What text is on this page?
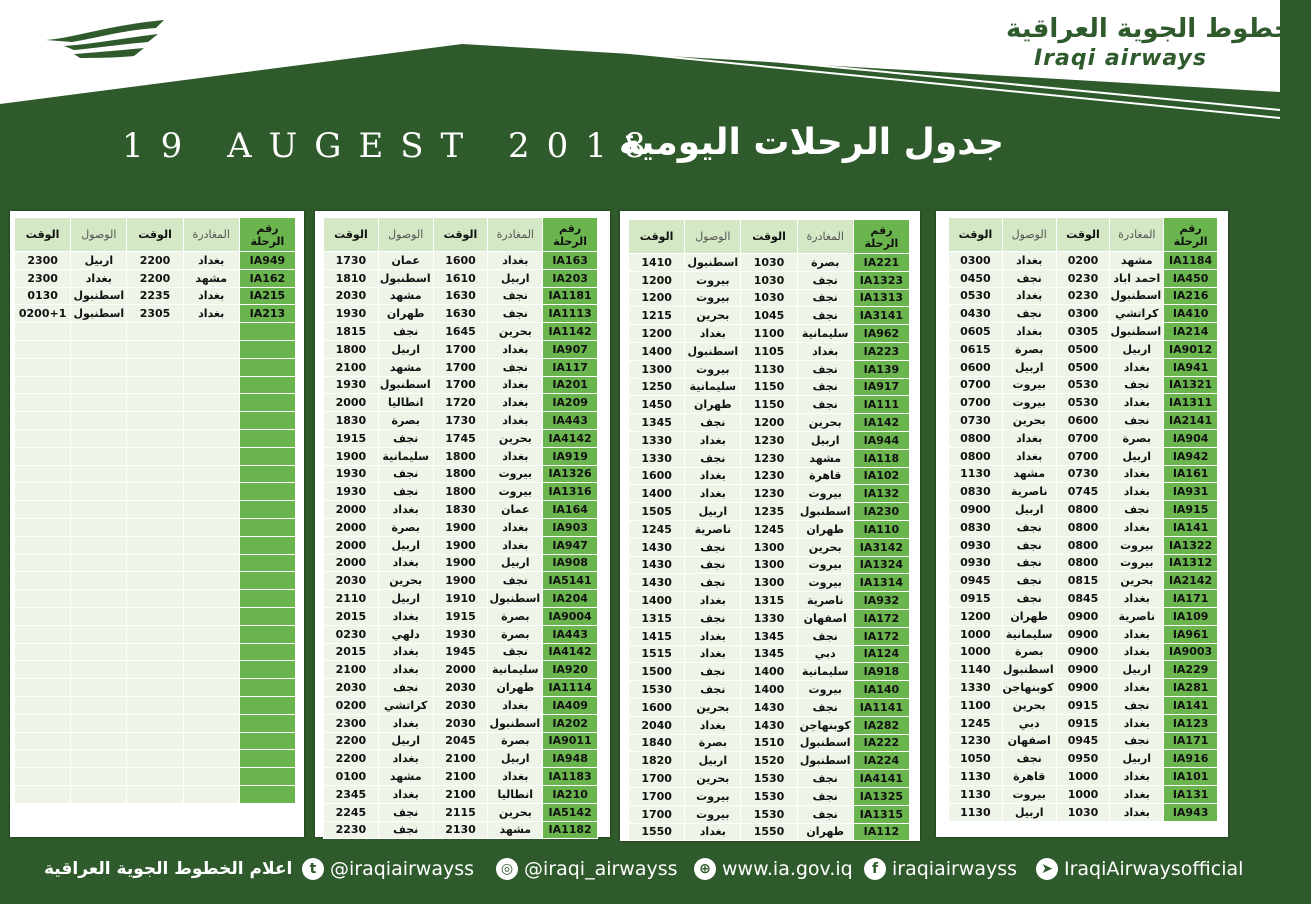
الخطوط الجوية العراقية
Iraqi airways
19 AUGEST 2018
جدول الرحلات اليومية
رقم الرحلة	المغادرة	الوقت	الوصول	الوقت
IA1184	مشهد	0200	بغداد	0300
IA450	احمد اباد	0230	نجف	0450
IA216	اسطنبول	0230	بغداد	0530
IA410	كراتشي	0300	نجف	0430
IA214	اسطنبول	0305	بغداد	0605
IA9012	اربيل	0500	بصرة	0615
IA941	بغداد	0500	اربيل	0600
IA1321	نجف	0530	بيروت	0700
IA1311	بغداد	0530	بيروت	0700
IA2141	نجف	0600	بحرين	0730
IA904	بصرة	0700	بغداد	0800
IA942	اربيل	0700	بغداد	0800
IA161	بغداد	0730	مشهد	1130
IA931	بغداد	0745	ناصرية	0830
IA915	نجف	0800	اربيل	0900
IA141	بغداد	0800	نجف	0830
IA1322	بيروت	0800	نجف	0930
IA1312	بيروت	0800	نجف	0930
IA2142	بحرين	0815	نجف	0945
IA171	بغداد	0845	نجف	0915
IA109	ناصرية	0900	طهران	1200
IA961	بغداد	0900	سليمانية	1000
IA9003	بغداد	0900	بصرة	1000
IA229	اربيل	0900	اسطنبول	1140
IA281	بغداد	0900	كوبنهاجن	1330
IA141	نجف	0915	بحرين	1100
IA123	بغداد	0915	دبي	1245
IA171	نجف	0945	اصفهان	1230
IA916	اربيل	0950	نجف	1050
IA101	بغداد	1000	قاهرة	1130
IA131	بغداد	1000	بيروت	1130
IA943	بغداد	1030	اربيل	1130
رقم الرحلة	المغادرة	الوقت	الوصول	الوقت
IA221	بصرة	1030	اسطنبول	1410
IA1323	نجف	1030	بيروت	1200
IA1313	نجف	1030	بيروت	1200
IA3141	نجف	1045	بحرين	1215
IA962	سليمانية	1100	بغداد	1200
IA223	بغداد	1105	اسطنبول	1400
IA139	نجف	1130	بيروت	1300
IA917	نجف	1150	سليمانية	1250
IA111	نجف	1150	طهران	1450
IA142	بحرين	1200	نجف	1345
IA944	اربيل	1230	بغداد	1330
IA118	مشهد	1230	نجف	1330
IA102	قاهرة	1230	بغداد	1600
IA132	بيروت	1230	بغداد	1400
IA230	اسطنبول	1235	اربيل	1505
IA110	طهران	1245	ناصرية	1245
IA3142	بحرين	1300	نجف	1430
IA1324	بيروت	1300	نجف	1430
IA1314	بيروت	1300	نجف	1430
IA932	ناصرية	1315	بغداد	1400
IA172	اصفهان	1330	نجف	1315
IA172	نجف	1345	بغداد	1415
IA124	دبي	1345	بغداد	1515
IA918	سليمانية	1400	نجف	1500
IA140	بيروت	1400	نجف	1530
IA1141	نجف	1430	بحرين	1600
IA282	كوبنهاجن	1430	بغداد	2040
IA222	اسطنبول	1510	بصرة	1840
IA224	اسطنبول	1520	اربيل	1820
IA4141	نجف	1530	بحرين	1700
IA1325	نجف	1530	بيروت	1700
IA1315	نجف	1530	بيروت	1700
IA112	طهران	1550	بغداد	1550
رقم الرحلة	المغادرة	الوقت	الوصول	الوقت
IA163	بغداد	1600	عمان	1730
IA203	اربيل	1610	اسطنبول	1810
IA1181	نجف	1630	مشهد	2030
IA1113	نجف	1630	طهران	1930
IA1142	بحرين	1645	نجف	1815
IA907	بغداد	1700	اربيل	1800
IA117	نجف	1700	مشهد	2100
IA201	بغداد	1700	اسطنبول	1930
IA209	بغداد	1720	انطاليا	2000
IA443	بغداد	1730	بصرة	1830
IA4142	بحرين	1745	نجف	1915
IA919	بغداد	1800	سليمانية	1900
IA1326	بيروت	1800	نجف	1930
IA1316	بيروت	1800	نجف	1930
IA164	عمان	1830	بغداد	2000
IA903	بغداد	1900	بصرة	2000
IA947	بغداد	1900	اربيل	2000
IA908	اربيل	1900	بغداد	2000
IA5141	نجف	1900	بحرين	2030
IA204	اسطنبول	1910	اربيل	2110
IA9004	بصرة	1915	بغداد	2015
IA443	بصرة	1930	دلهي	0230
IA4142	نجف	1945	بغداد	2015
IA920	سليمانية	2000	بغداد	2100
IA1114	طهران	2030	نجف	2030
IA409	بغداد	2030	كراتشي	0200
IA202	اسطنبول	2030	بغداد	2300
IA9011	بصرة	2045	اربيل	2200
IA948	اربيل	2100	بغداد	2200
IA1183	بغداد	2100	مشهد	0100
IA210	انطاليا	2100	بغداد	2345
IA5142	بحرين	2115	نجف	2245
IA1182	مشهد	2130	نجف	2230
رقم الرحلة	المغادرة	الوقت	الوصول	الوقت
IA949	بغداد	2200	اربيل	2300
IA162	مشهد	2200	بغداد	2300
IA215	بغداد	2235	اسطنبول	0130
IA213	بغداد	2305	اسطنبول	0200+1

اعلام الخطوط الجوية العراقية	t @iraqiairwayss	◎ @iraqi_airwayss	⊕ www.ia.gov.iq	f iraqiairwayss	➤ IraqiAirwaysofficial
